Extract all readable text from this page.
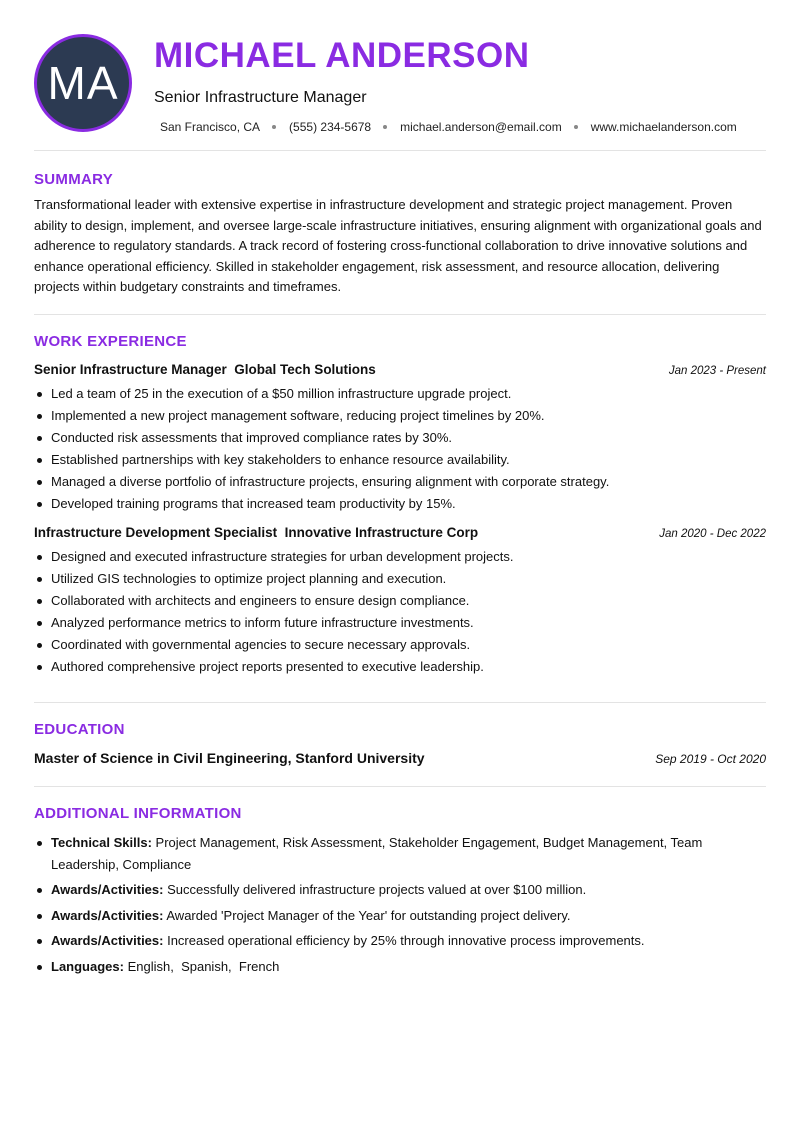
MA
MICHAEL ANDERSON
Senior Infrastructure Manager
San Francisco, CA (555) 234-5678 michael.anderson@email.com www.michaelanderson.com
SUMMARY

Transformational leader with extensive expertise in infrastructure development and strategic project management. Proven ability to design, implement, and oversee large-scale infrastructure initiatives, ensuring alignment with organizational goals and adherence to regulatory standards. A track record of fostering cross-functional collaboration to drive innovative solutions and enhance operational efficiency. Skilled in stakeholder engagement, risk assessment, and resource allocation, delivering projects within budgetary constraints and timeframes.

WORK EXPERIENCE
Senior Infrastructure Manager  Global Tech Solutions	Jan 2023 - Present
Led a team of 25 in the execution of a $50 million infrastructure upgrade project.
Implemented a new project management software, reducing project timelines by 20%.
Conducted risk assessments that improved compliance rates by 30%.
Established partnerships with key stakeholders to enhance resource availability.
Managed a diverse portfolio of infrastructure projects, ensuring alignment with corporate strategy.
Developed training programs that increased team productivity by 15%.
Infrastructure Development Specialist  Innovative Infrastructure Corp	Jan 2020 - Dec 2022
Designed and executed infrastructure strategies for urban development projects.
Utilized GIS technologies to optimize project planning and execution.
Collaborated with architects and engineers to ensure design compliance.
Analyzed performance metrics to inform future infrastructure investments.
Coordinated with governmental agencies to secure necessary approvals.
Authored comprehensive project reports presented to executive leadership.
EDUCATION
Master of Science in Civil Engineering, Stanford University	Sep 2019 - Oct 2020
ADDITIONAL INFORMATION
Technical Skills: Project Management, Risk Assessment, Stakeholder Engagement, Budget Management, Team Leadership, Compliance
Awards/Activities: Successfully delivered infrastructure projects valued at over $100 million.
Awards/Activities: Awarded 'Project Manager of the Year' for outstanding project delivery.
Awards/Activities: Increased operational efficiency by 25% through innovative process improvements.
Languages: English,  Spanish,  French
